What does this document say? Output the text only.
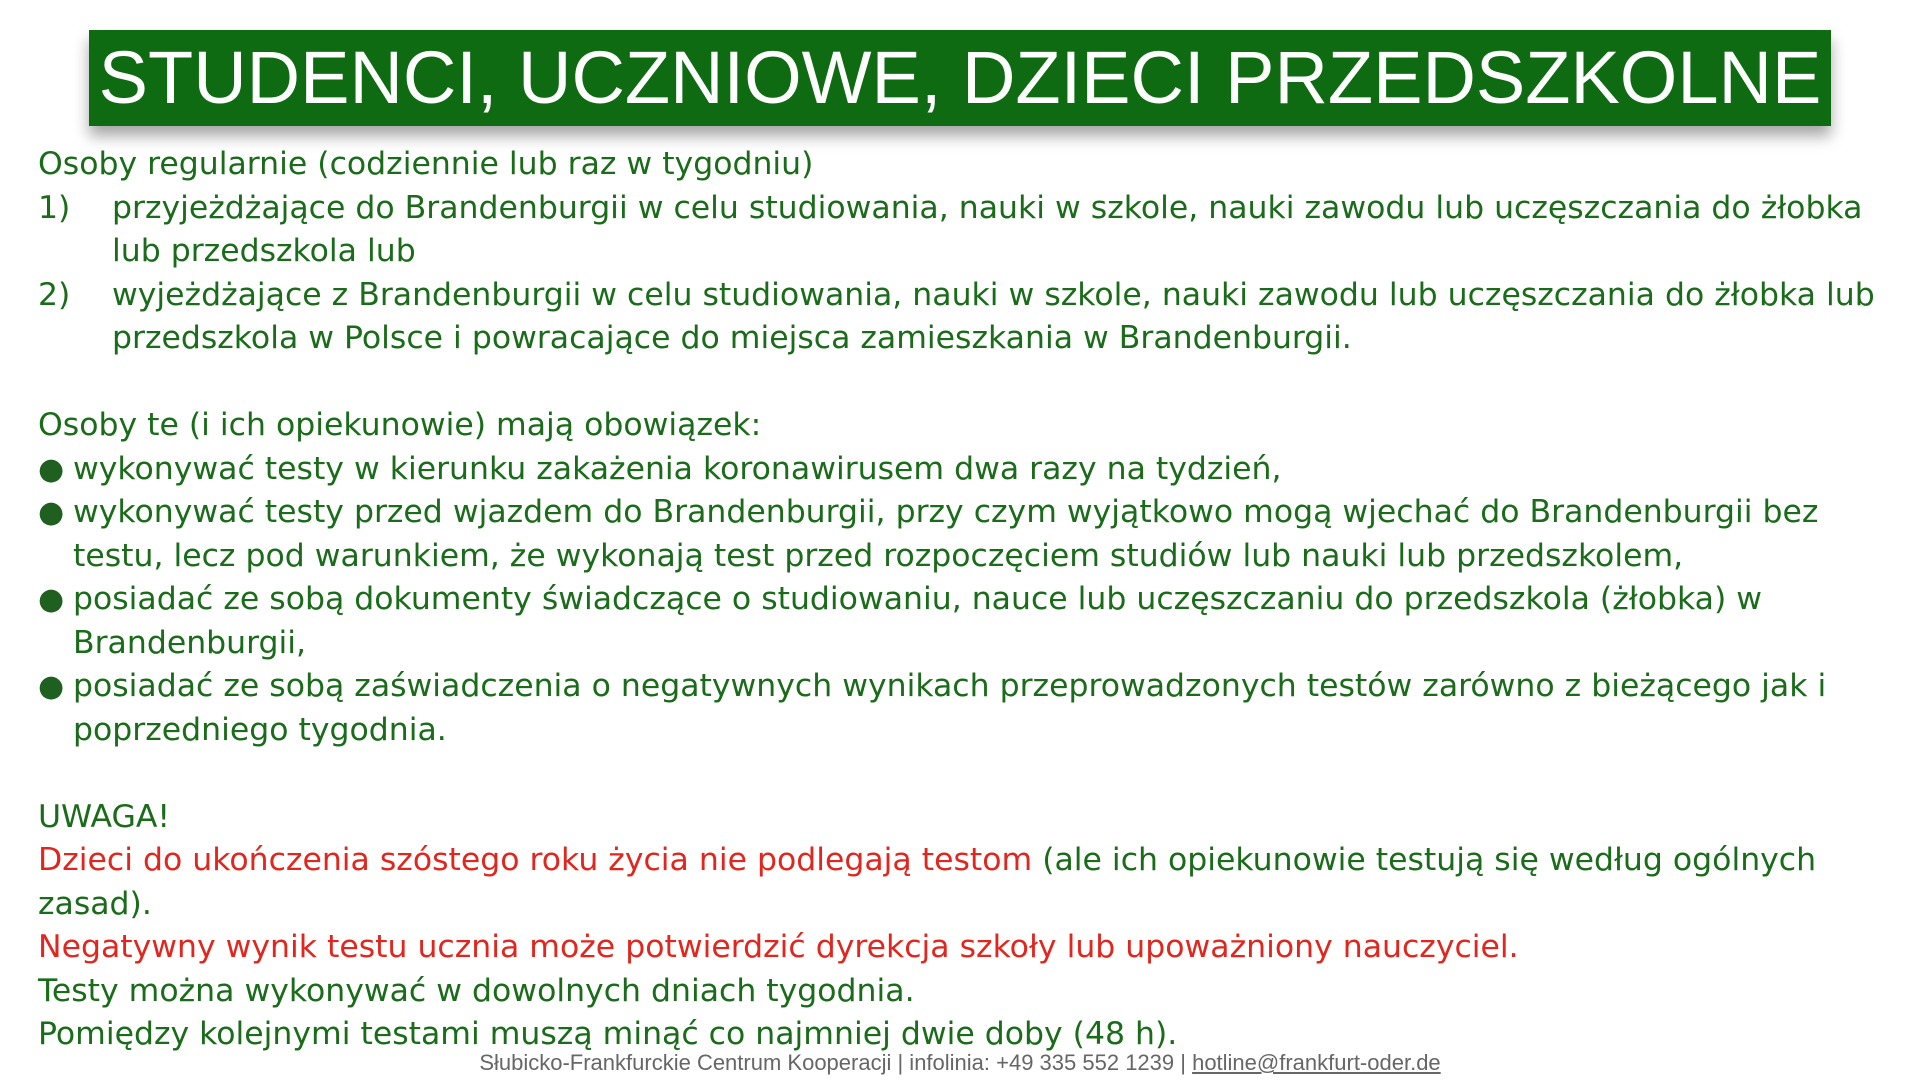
STUDENCI, UCZNIOWE, DZIECI PRZEDSZKOLNE

Osoby regularnie (codziennie lub raz w tygodniu)

1)	przyjeżdżające do Brandenburgii w celu studiowania, nauki w szkole, nauki zawodu lub uczęszczania do żłobka lub przedszkola lub
2)	wyjeżdżające z Brandenburgii w celu studiowania, nauki w szkole, nauki zawodu lub uczęszczania do żłobka lub przedszkola w Polsce i powracające do miejsca zamieszkania w Brandenburgii.

Osoby te (i ich opiekunowie) mają obowiązek:

● wykonywać testy w kierunku zakażenia koronawirusem dwa razy na tydzień,
● wykonywać testy przed wjazdem do Brandenburgii, przy czym wyjątkowo mogą wjechać do Brandenburgii bez testu, lecz pod warunkiem, że wykonają test przed rozpoczęciem studiów lub nauki lub przedszkolem,
● posiadać ze sobą dokumenty świadczące o studiowaniu, nauce lub uczęszczaniu do przedszkola (żłobka) w Brandenburgii,
● posiadać ze sobą zaświadczenia o negatywnych wynikach przeprowadzonych testów zarówno z bieżącego jak i poprzedniego tygodnia.

UWAGA!

Dzieci do ukończenia szóstego roku życia nie podlegają testom (ale ich opiekunowie testują się według ogólnych zasad).

Negatywny wynik testu ucznia może potwierdzić dyrekcja szkoły lub upoważniony nauczyciel.

Testy można wykonywać w dowolnych dniach tygodnia.

Pomiędzy kolejnymi testami muszą minąć co najmniej dwie doby (48 h).

Słubicko-Frankfurckie Centrum Kooperacji | infolinia: +49 335 552 1239 | hotline@frankfurt-oder.de
